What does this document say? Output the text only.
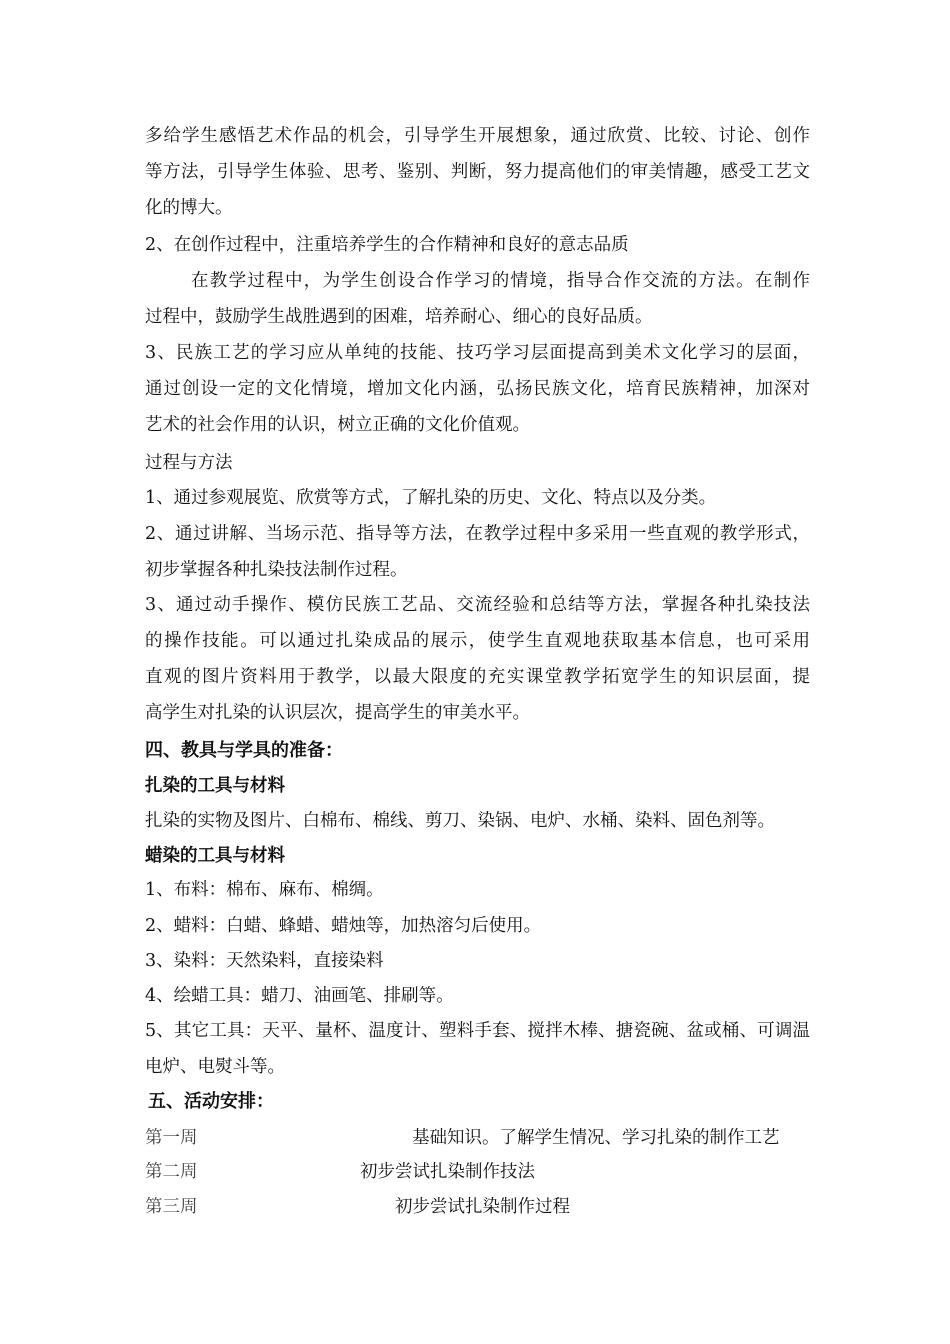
多给学生感悟艺术作品的机会，引导学生开展想象，通过欣赏、比较、讨论、创作
等方法，引导学生体验、思考、鉴别、判断，努力提高他们的审美情趣，感受工艺文
化的博大。
2、在创作过程中，注重培养学生的合作精神和良好的意志品质
在教学过程中，为学生创设合作学习的情境，指导合作交流的方法。在制作
过程中，鼓励学生战胜遇到的困难，培养耐心、细心的良好品质。
3、民族工艺的学习应从单纯的技能、技巧学习层面提高到美术文化学习的层面，
通过创设一定的文化情境，增加文化内涵，弘扬民族文化，培育民族精神，加深对
艺术的社会作用的认识，树立正确的文化价值观。
过程与方法
1、通过参观展览、欣赏等方式，了解扎染的历史、文化、特点以及分类。
2、通过讲解、当场示范、指导等方法，在教学过程中多采用一些直观的教学形式，
初步掌握各种扎染技法制作过程。
3、通过动手操作、模仿民族工艺品、交流经验和总结等方法，掌握各种扎染技法
的操作技能。可以通过扎染成品的展示，使学生直观地获取基本信息，也可采用
直观的图片资料用于教学，以最大限度的充实课堂教学拓宽学生的知识层面，提
高学生对扎染的认识层次，提高学生的审美水平。
四、教具与学具的准备：
扎染的工具与材料
扎染的实物及图片、白棉布、棉线、剪刀、染锅、电炉、水桶、染料、固色剂等。
蜡染的工具与材料
1、布料：棉布、麻布、棉绸。
2、蜡料：白蜡、蜂蜡、蜡烛等，加热溶匀后使用。
3、染料：天然染料，直接染料
4、绘蜡工具：蜡刀、油画笔、排刷等。
5、其它工具：天平、量杯、温度计、塑料手套、搅拌木棒、搪瓷碗、盆或桶、可调温
电炉、电熨斗等。
五、活动安排：
第一周	基础知识。了解学生情况、学习扎染的制作工艺
第二周	初步尝试扎染制作技法
第三周	初步尝试扎染制作过程
